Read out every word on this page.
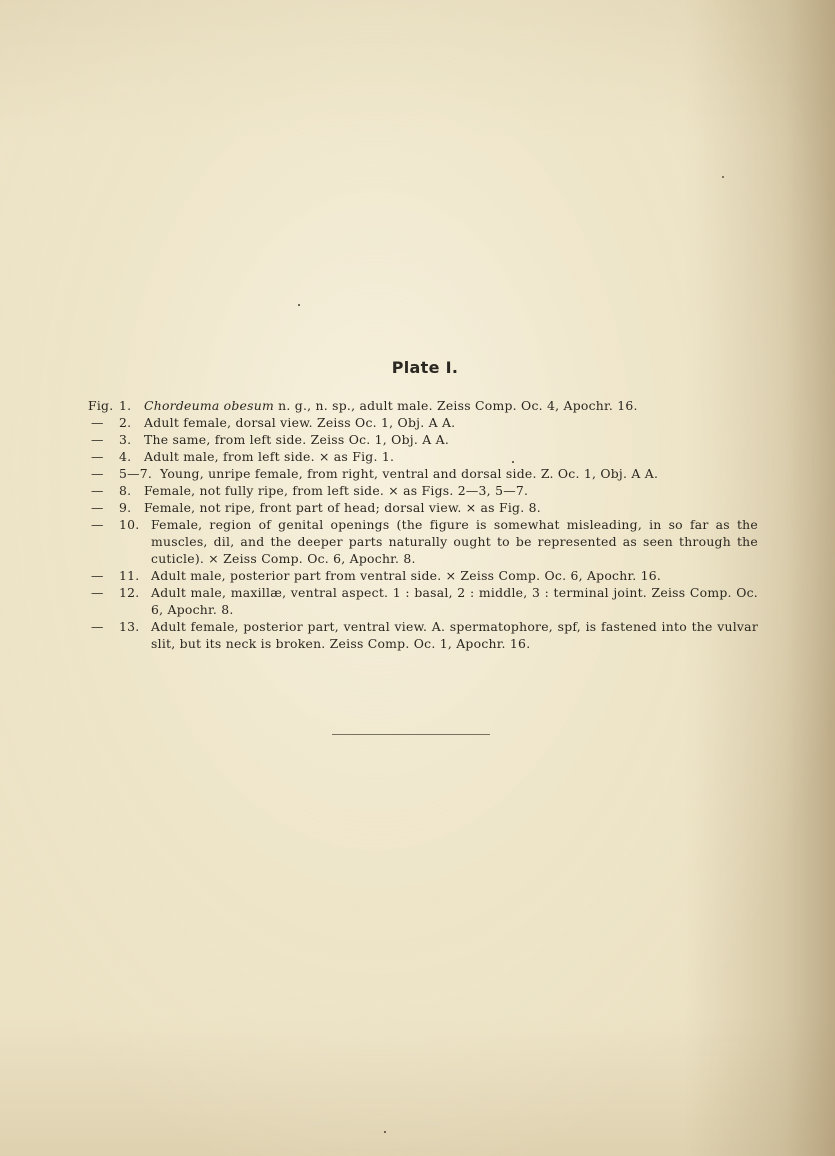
Plate I.
Fig. 1.	Chordeuma obesum n. g., n. sp., adult male. Zeiss Comp. Oc. 4, Apochr. 16.
—	2.	Adult female, dorsal view. Zeiss Oc. 1, Obj. A A.
—	3.	The same, from left side. Zeiss Oc. 1, Obj. A A.
—	4.	Adult male, from left side. ⨯ as Fig. 1.
—	5—7. Young, unripe female, from right, ventral and dorsal side. Z. Oc. 1, Obj. A A.
—	8.	Female, not fully ripe, from left side. ⨯ as Figs. 2—3, 5—7.
—	9.	Female, not ripe, front part of head; dorsal view. ⨯ as Fig. 8.
—	10. Female, region of genital openings (the figure is somewhat misleading, in so far as the muscles, dil, and the deeper parts naturally ought to be represented as seen through the cuticle). ⨯ Zeiss Comp. Oc. 6, Apochr. 8.
—	11. Adult male, posterior part from ventral side. ⨯ Zeiss Comp. Oc. 6, Apochr. 16.
—	12. Adult male, maxillæ, ventral aspect. 1 : basal, 2 : middle, 3 : terminal joint. Zeiss Comp. Oc. 6, Apochr. 8.
—	13. Adult female, posterior part, ventral view. A. spermatophore, spf, is fastened into the vulvar slit, but its neck is broken. Zeiss Comp. Oc. 1, Apochr. 16.
